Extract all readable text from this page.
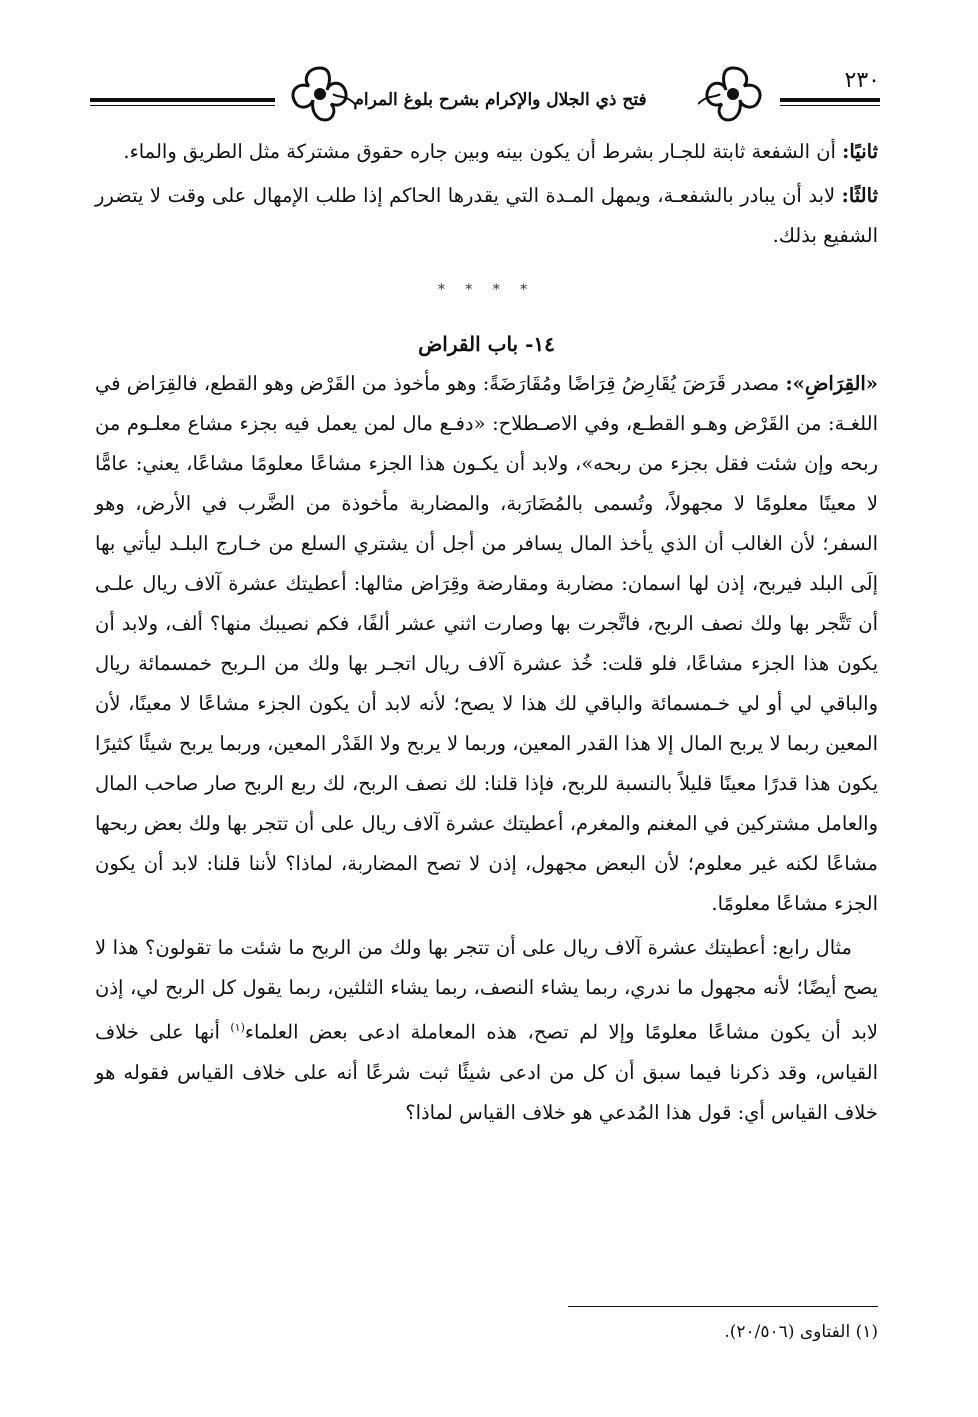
٢٣٠
فتح ذي الجلال والإكرام بشرح بلوغ المرام

ثانيًا: أن الشفعة ثابتة للجـار بشرط أن يكون بينه وبين جاره حقوق مشتركة مثل الطريق والماء.

ثالثًا: لابد أن يبادر بالشفعـة، ويمهل المـدة التي يقدرها الحاكم إذا طلب الإمهال على وقت لا يتضرر الشفيع بذلك.

* * * *
١٤- باب القراض

«القِرَاضِ»: مصدر قَرَضَ يُقَارِضُ قِرَاضًا ومُقَارَضَةً: وهو مأخوذ من القَرْض وهو القطع، فالقِرَاض في اللغـة: من القَرْض وهـو القطـع، وفي الاصـطلاح: «دفـع مال لمن يعمل فيه بجزء مشاع معلـوم من ربحه وإن شئت فقل بجزء من ربحه»، ولابد أن يكـون هذا الجزء مشاعًا معلومًا مشاعًا، يعني: عامًّا لا معينًا معلومًا لا مجهولاً، وتُسمى بالمُضَارَبة، والمضاربة مأخوذة من الضَّرب في الأرض، وهو السفر؛ لأن الغالب أن الذي يأخذ المال يسافر من أجل أن يشتري السلع من خـارج البلـد ليأتي بها إلَى البلد فيربح، إذن لها اسمان: مضاربة ومقارضة وقِرَاض مثالها: أعطيتك عشرة آلاف ريال علـى أن تَتَّجر بها ولك نصف الربح، فاتَّجرت بها وصارت اثني عشر ألفًا، فكم نصيبك منها؟ ألف، ولابد أن يكون هذا الجزء مشاعًا، فلو قلت: خُذ عشرة آلاف ريال اتجـر بها ولك من الـربح خمسمائة ريال والباقي لي أو لي خـمسمائة والباقي لك هذا لا يصح؛ لأنه لابد أن يكون الجزء مشاعًا لا معينًا، لأن المعين ربما لا يربح المال إلا هذا القدر المعين، وربما لا يربح ولا القَدْر المعين، وربما يربح شيئًا كثيرًا يكون هذا قدرًا معينًا قليلاً بالنسبة للربح، فإذا قلنا: لك نصف الربح، لك ربع الربح صار صاحب المال والعامل مشتركين في المغنم والمغرم، أعطيتك عشرة آلاف ريال على أن تتجر بها ولك بعض ربحها مشاعًا لكنه غير معلوم؛ لأن البعض مجهول، إذن لا تصح المضاربة، لماذا؟ لأننا قلنا: لابد أن يكون الجزء مشاعًا معلومًا.

مثال رابع: أعطيتك عشرة آلاف ريال على أن تتجر بها ولك من الربح ما شئت ما تقولون؟ هذا لا يصح أيضًا؛ لأنه مجهول ما ندري، ربما يشاء النصف، ربما يشاء الثلثين، ربما يقول كل الربح لي، إذن لابد أن يكون مشاعًا معلومًا وإلا لم تصح، هذه المعاملة ادعى بعض العلماء$^{(١)}$ أنها على خلاف القياس، وقد ذكرنا فيما سبق أن كل من ادعى شيئًا ثبت شرعًا أنه على خلاف القياس فقوله هو خلاف القياس أي: قول هذا المُدعي هو خلاف القياس لماذا؟

(١) الفتاوى (٢٠/٥٠٦).
